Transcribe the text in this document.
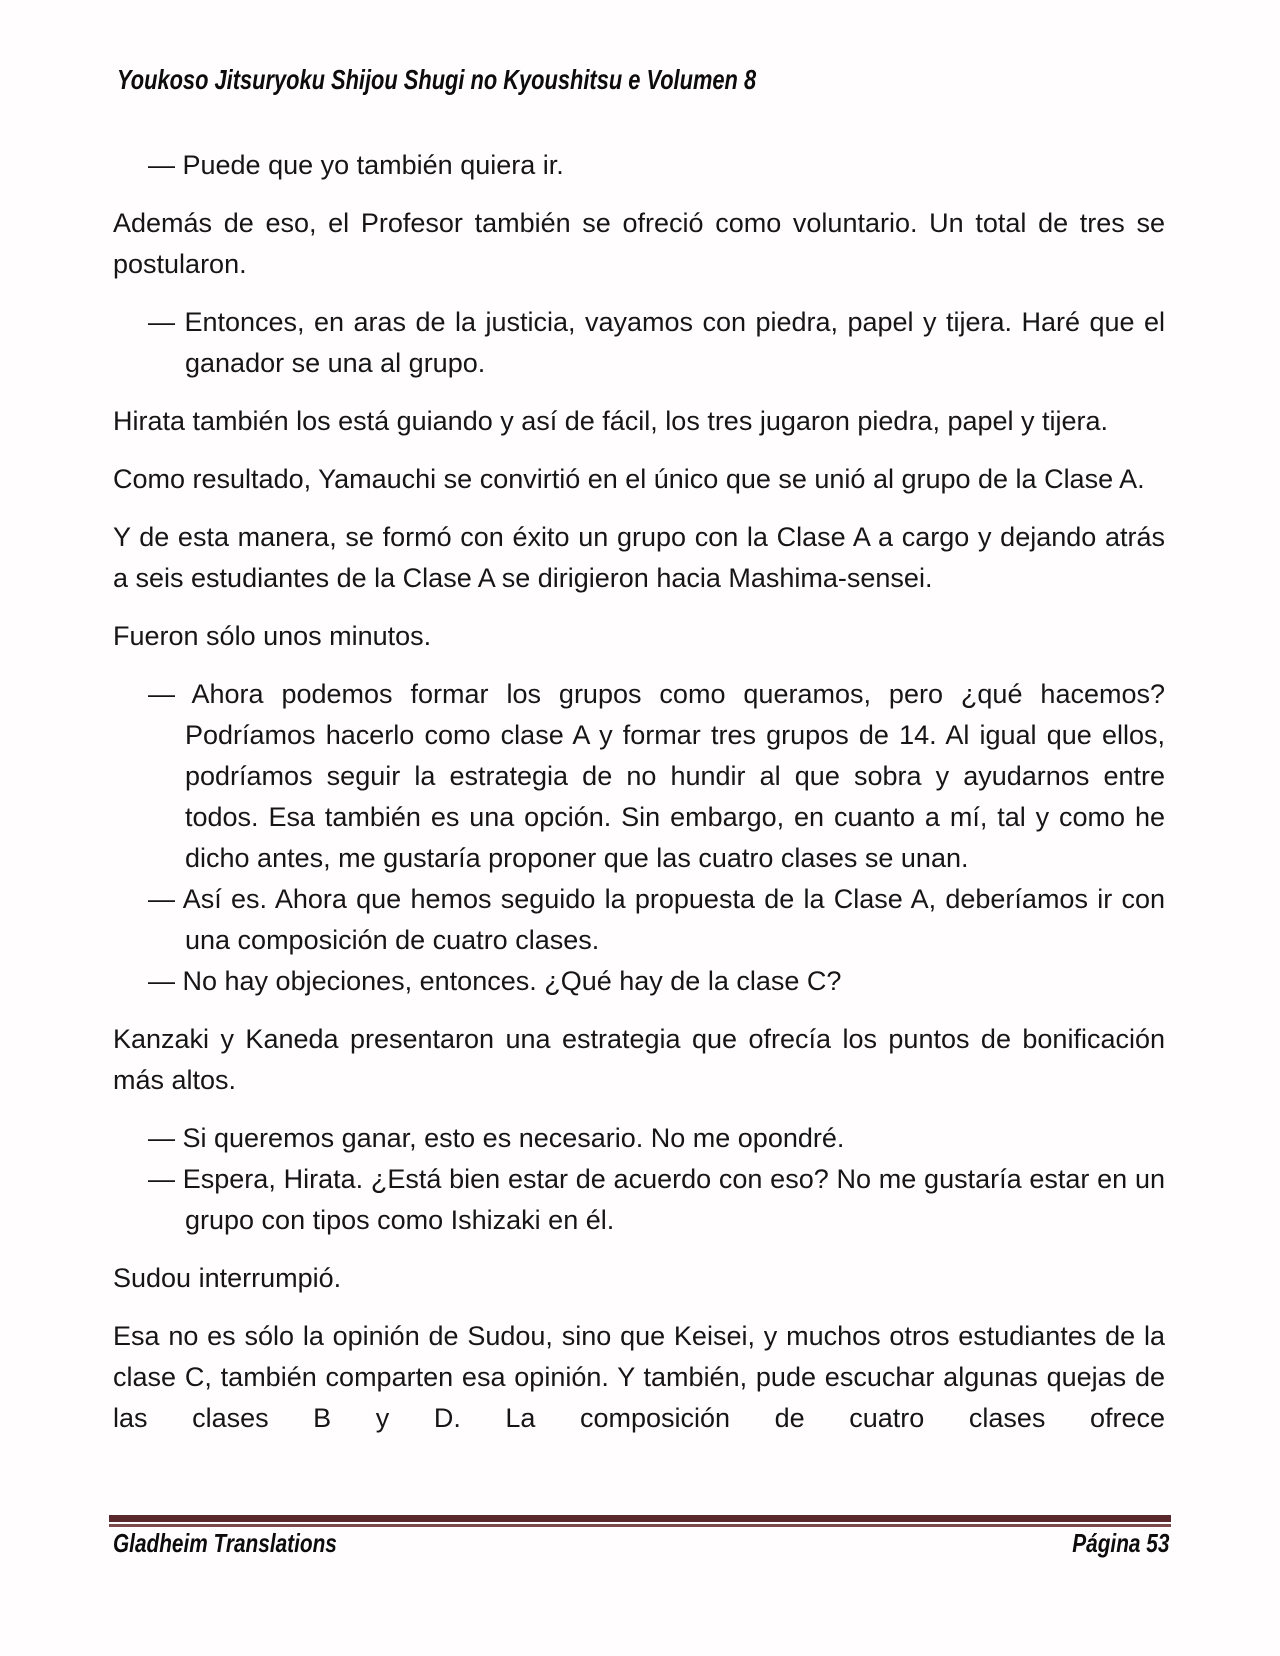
Youkoso Jitsuryoku Shijou Shugi no Kyoushitsu e Volumen 8

— Puede que yo también quiera ir.

Además de eso, el Profesor también se ofreció como voluntario. Un total de tres se postularon.

— Entonces, en aras de la justicia, vayamos con piedra, papel y tijera. Haré que el ganador se una al grupo.

Hirata también los está guiando y así de fácil, los tres jugaron piedra, papel y tijera.

Como resultado, Yamauchi se convirtió en el único que se unió al grupo de la Clase A.

Y de esta manera, se formó con éxito un grupo con la Clase A a cargo y dejando atrás a seis estudiantes de la Clase A se dirigieron hacia Mashima-sensei.

Fueron sólo unos minutos.

— Ahora podemos formar los grupos como queramos, pero ¿qué hacemos? Podríamos hacerlo como clase A y formar tres grupos de 14. Al igual que ellos, podríamos seguir la estrategia de no hundir al que sobra y ayudarnos entre todos. Esa también es una opción. Sin embargo, en cuanto a mí, tal y como he dicho antes, me gustaría proponer que las cuatro clases se unan.

— Así es. Ahora que hemos seguido la propuesta de la Clase A, deberíamos ir con una composición de cuatro clases.

— No hay objeciones, entonces. ¿Qué hay de la clase C?

Kanzaki y Kaneda presentaron una estrategia que ofrecía los puntos de bonificación más altos.

— Si queremos ganar, esto es necesario. No me opondré.

— Espera, Hirata. ¿Está bien estar de acuerdo con eso? No me gustaría estar en un grupo con tipos como Ishizaki en él.

Sudou interrumpió.

Esa no es sólo la opinión de Sudou, sino que Keisei, y muchos otros estudiantes de la clase C, también comparten esa opinión. Y también, pude escuchar algunas quejas de las clases B y D. La composición de cuatro clases ofrece

Gladheim Translations	Página 53
